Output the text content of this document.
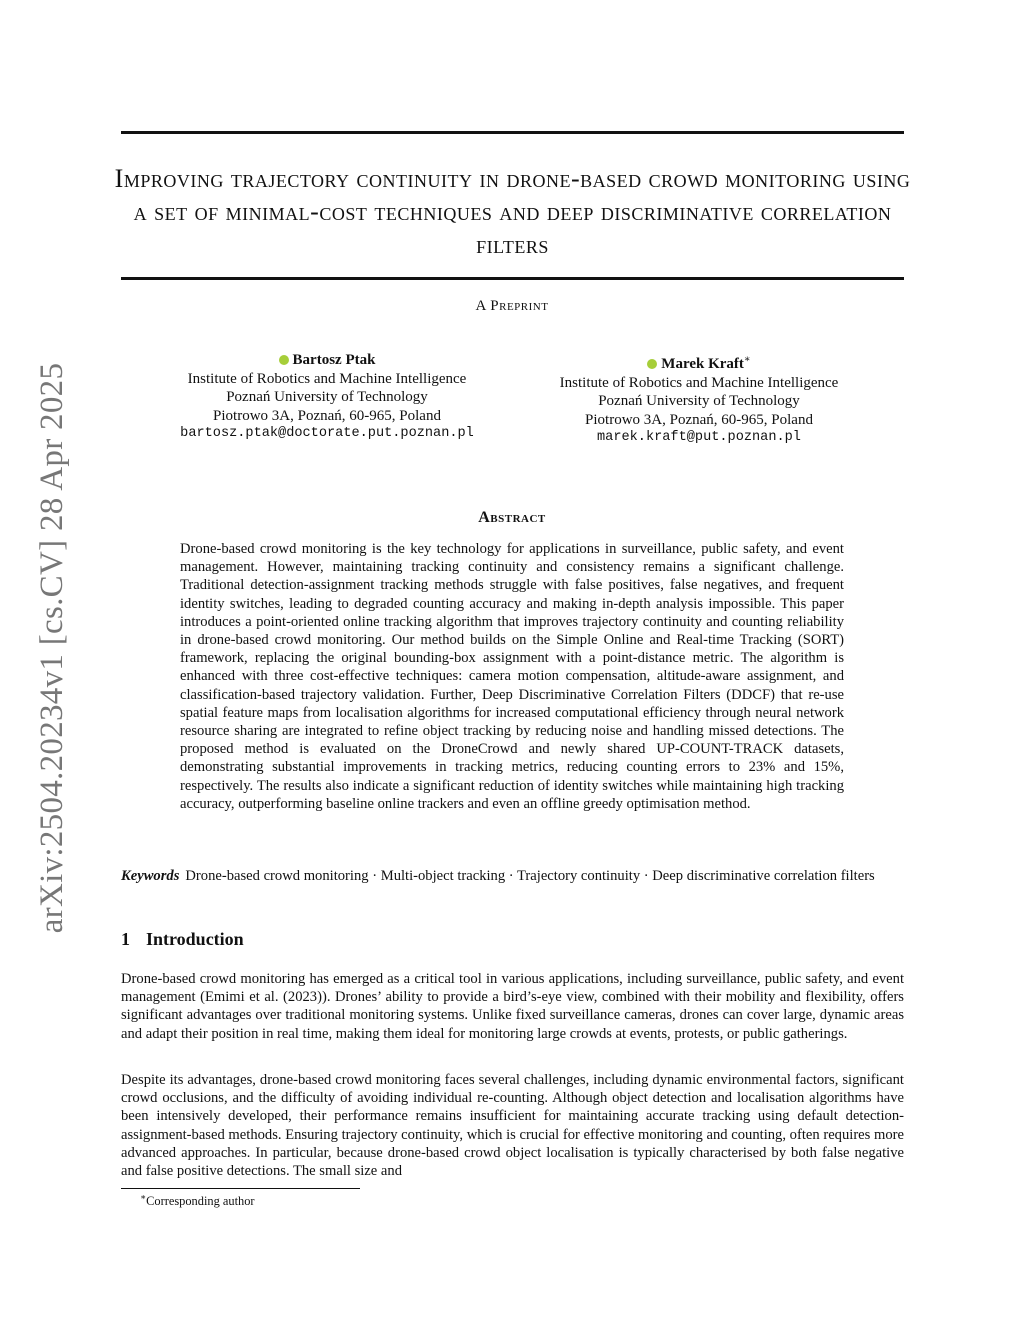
arXiv:2504.20234v1 [cs.CV] 28 Apr 2025
Improving trajectory continuity in drone-based crowd monitoring using a set of minimal-cost techniques and deep discriminative correlation filters
A Preprint
Bartosz Ptak
Institute of Robotics and Machine Intelligence
Poznań University of Technology
Piotrowo 3A, Poznań, 60-965, Poland
bartosz.ptak@doctorate.put.poznan.pl
Marek Kraft∗
Institute of Robotics and Machine Intelligence
Poznań University of Technology
Piotrowo 3A, Poznań, 60-965, Poland
marek.kraft@put.poznan.pl
Abstract
Drone-based crowd monitoring is the key technology for applications in surveillance, public safety, and event management. However, maintaining tracking continuity and consistency remains a significant challenge. Traditional detection-assignment tracking methods struggle with false positives, false negatives, and frequent identity switches, leading to degraded counting accuracy and making in-depth analysis impossible. This paper introduces a point-oriented online tracking algorithm that improves trajectory continuity and counting reliability in drone-based crowd monitoring. Our method builds on the Simple Online and Real-time Tracking (SORT) framework, replacing the original bounding-box assignment with a point-distance metric. The algorithm is enhanced with three cost-effective techniques: camera motion compensation, altitude-aware assignment, and classification-based trajectory validation. Further, Deep Discriminative Correlation Filters (DDCF) that re-use spatial feature maps from localisation algorithms for increased computational efficiency through neural network resource sharing are integrated to refine object tracking by reducing noise and handling missed detections. The proposed method is evaluated on the DroneCrowd and newly shared UP-COUNT-TRACK datasets, demonstrating substantial improvements in tracking metrics, reducing counting errors to 23% and 15%, respectively. The results also indicate a significant reduction of identity switches while maintaining high tracking accuracy, outperforming baseline online trackers and even an offline greedy optimisation method.
Keywords Drone-based crowd monitoring · Multi-object tracking · Trajectory continuity · Deep discriminative correlation filters
1 Introduction
Drone-based crowd monitoring has emerged as a critical tool in various applications, including surveillance, public safety, and event management (Emimi et al. (2023)). Drones’ ability to provide a bird’s-eye view, combined with their mobility and flexibility, offers significant advantages over traditional monitoring systems. Unlike fixed surveillance cameras, drones can cover large, dynamic areas and adapt their position in real time, making them ideal for monitoring large crowds at events, protests, or public gatherings.
Despite its advantages, drone-based crowd monitoring faces several challenges, including dynamic environmental factors, significant crowd occlusions, and the difficulty of avoiding individual re-counting. Although object detection and localisation algorithms have been intensively developed, their performance remains insufficient for maintaining accurate tracking using default detection-assignment-based methods. Ensuring trajectory continuity, which is crucial for effective monitoring and counting, often requires more advanced approaches. In particular, because drone-based crowd object localisation is typically characterised by both false negative and false positive detections. The small size and
∗Corresponding author
